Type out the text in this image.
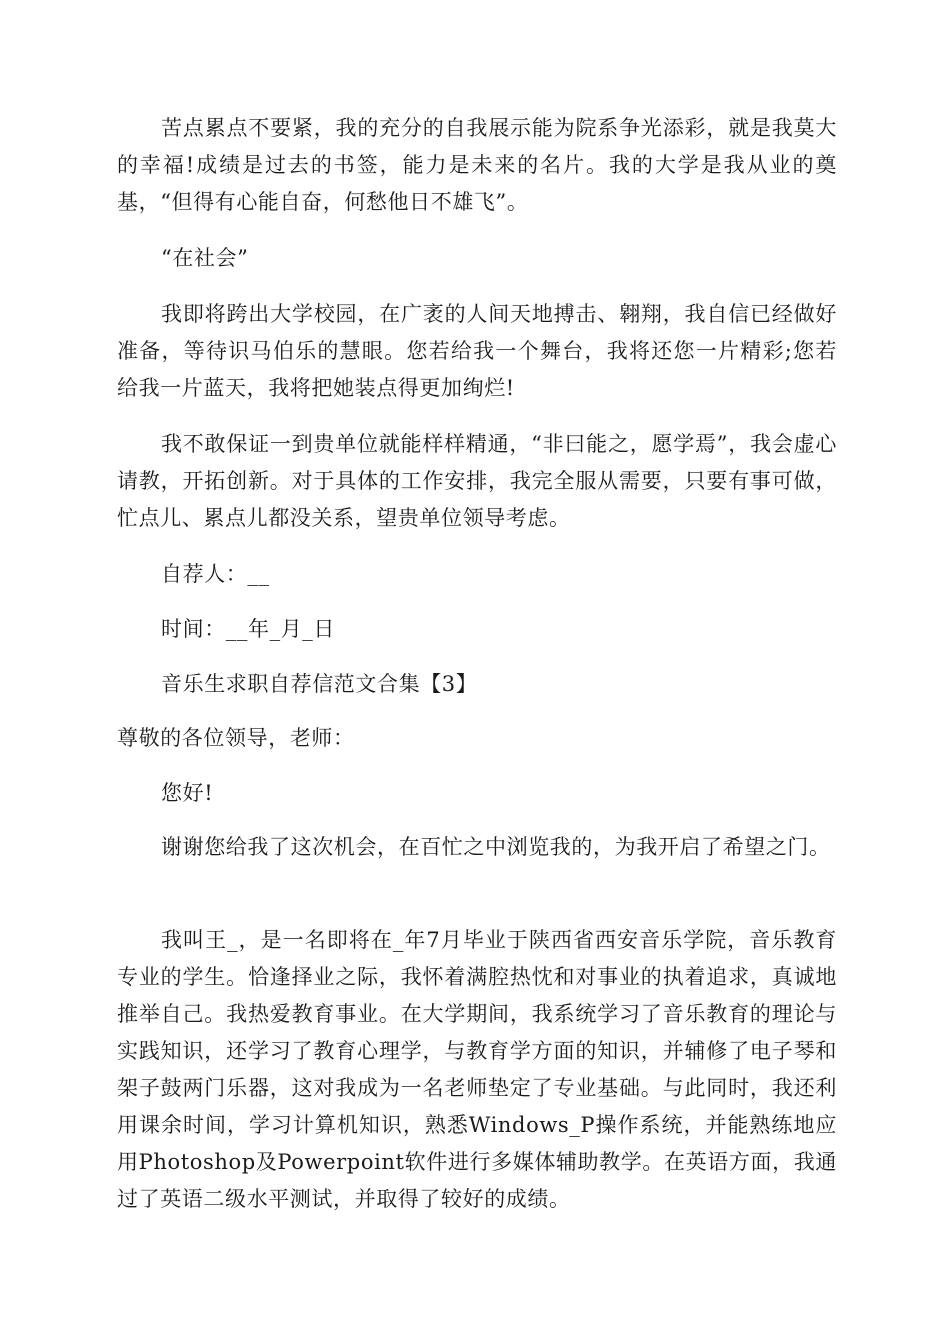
苦点累点不要紧，我的充分的自我展示能为院系争光添彩，就是我莫大的幸福!成绩是过去的书签，能力是未来的名片。我的大学是我从业的奠基，“但得有心能自奋，何愁他日不雄飞”。

“在社会”

我即将跨出大学校园，在广袤的人间天地搏击、翱翔，我自信已经做好准备，等待识马伯乐的慧眼。您若给我一个舞台，我将还您一片精彩;您若给我一片蓝天，我将把她装点得更加绚烂!

我不敢保证一到贵单位就能样样精通，“非曰能之，愿学焉”，我会虚心请教，开拓创新。对于具体的工作安排，我完全服从需要，只要有事可做，忙点儿、累点儿都没关系，望贵单位领导考虑。

自荐人：__

时间：__年_月_日

音乐生求职自荐信范文合集【3】

尊敬的各位领导，老师：

您好!

谢谢您给我了这次机会，在百忙之中浏览我的，为我开启了希望之门。

我叫王_，是一名即将在_年7月毕业于陕西省西安音乐学院，音乐教育专业的学生。恰逢择业之际，我怀着满腔热忱和对事业的执着追求，真诚地推举自己。我热爱教育事业。在大学期间，我系统学习了音乐教育的理论与实践知识，还学习了教育心理学，与教育学方面的知识，并辅修了电子琴和架子鼓两门乐器，这对我成为一名老师垫定了专业基础。与此同时，我还利用课余时间，学习计算机知识，熟悉Windows_P操作系统，并能熟练地应用Photoshop及Powerpoint软件进行多媒体辅助教学。在英语方面，我通过了英语二级水平测试，并取得了较好的成绩。
